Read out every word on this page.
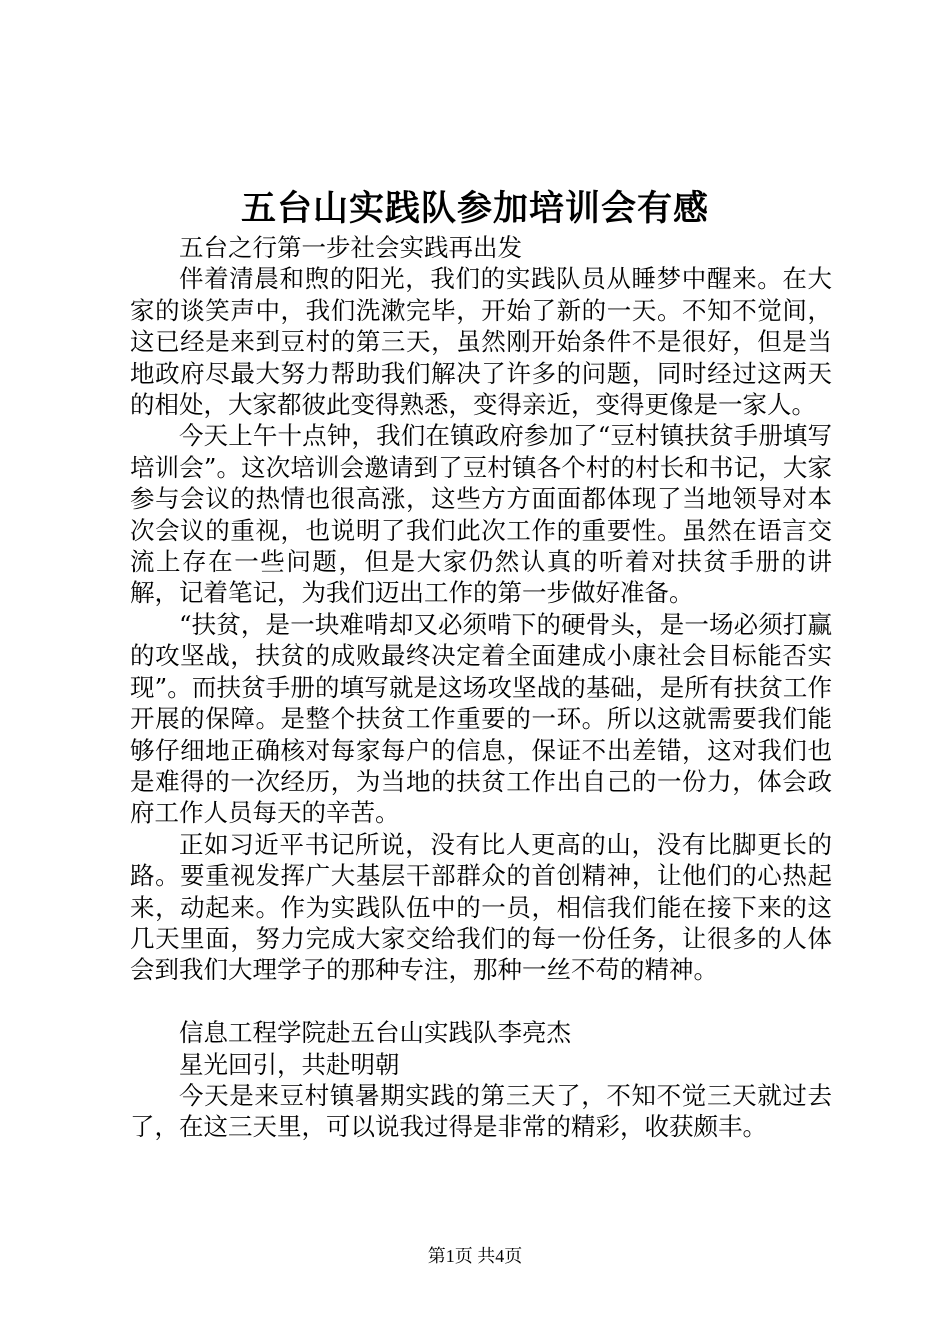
五台山实践队参加培训会有感

五台之行第一步社会实践再出发

伴着清晨和煦的阳光，我们的实践队员从睡梦中醒来。在大家的谈笑声中，我们洗漱完毕，开始了新的一天。不知不觉间，这已经是来到豆村的第三天，虽然刚开始条件不是很好，但是当地政府尽最大努力帮助我们解决了许多的问题，同时经过这两天的相处，大家都彼此变得熟悉，变得亲近，变得更像是一家人。

今天上午十点钟，我们在镇政府参加了“豆村镇扶贫手册填写培训会”。这次培训会邀请到了豆村镇各个村的村长和书记，大家参与会议的热情也很高涨，这些方方面面都体现了当地领导对本次会议的重视，也说明了我们此次工作的重要性。虽然在语言交流上存在一些问题，但是大家仍然认真的听着对扶贫手册的讲解，记着笔记，为我们迈出工作的第一步做好准备。

“扶贫，是一块难啃却又必须啃下的硬骨头，是一场必须打赢的攻坚战，扶贫的成败最终决定着全面建成小康社会目标能否实现”。而扶贫手册的填写就是这场攻坚战的基础，是所有扶贫工作开展的保障。是整个扶贫工作重要的一环。所以这就需要我们能够仔细地正确核对每家每户的信息，保证不出差错，这对我们也是难得的一次经历，为当地的扶贫工作出自己的一份力，体会政府工作人员每天的辛苦。

正如习近平书记所说，没有比人更高的山，没有比脚更长的路。要重视发挥广大基层干部群众的首创精神，让他们的心热起来，动起来。作为实践队伍中的一员，相信我们能在接下来的这几天里面，努力完成大家交给我们的每一份任务，让很多的人体会到我们大理学子的那种专注，那种一丝不苟的精神。

信息工程学院赴五台山实践队李亮杰

星光回引，共赴明朝

今天是来豆村镇暑期实践的第三天了，不知不觉三天就过去了，在这三天里，可以说我过得是非常的精彩，收获颇丰。

第1页 共4页
